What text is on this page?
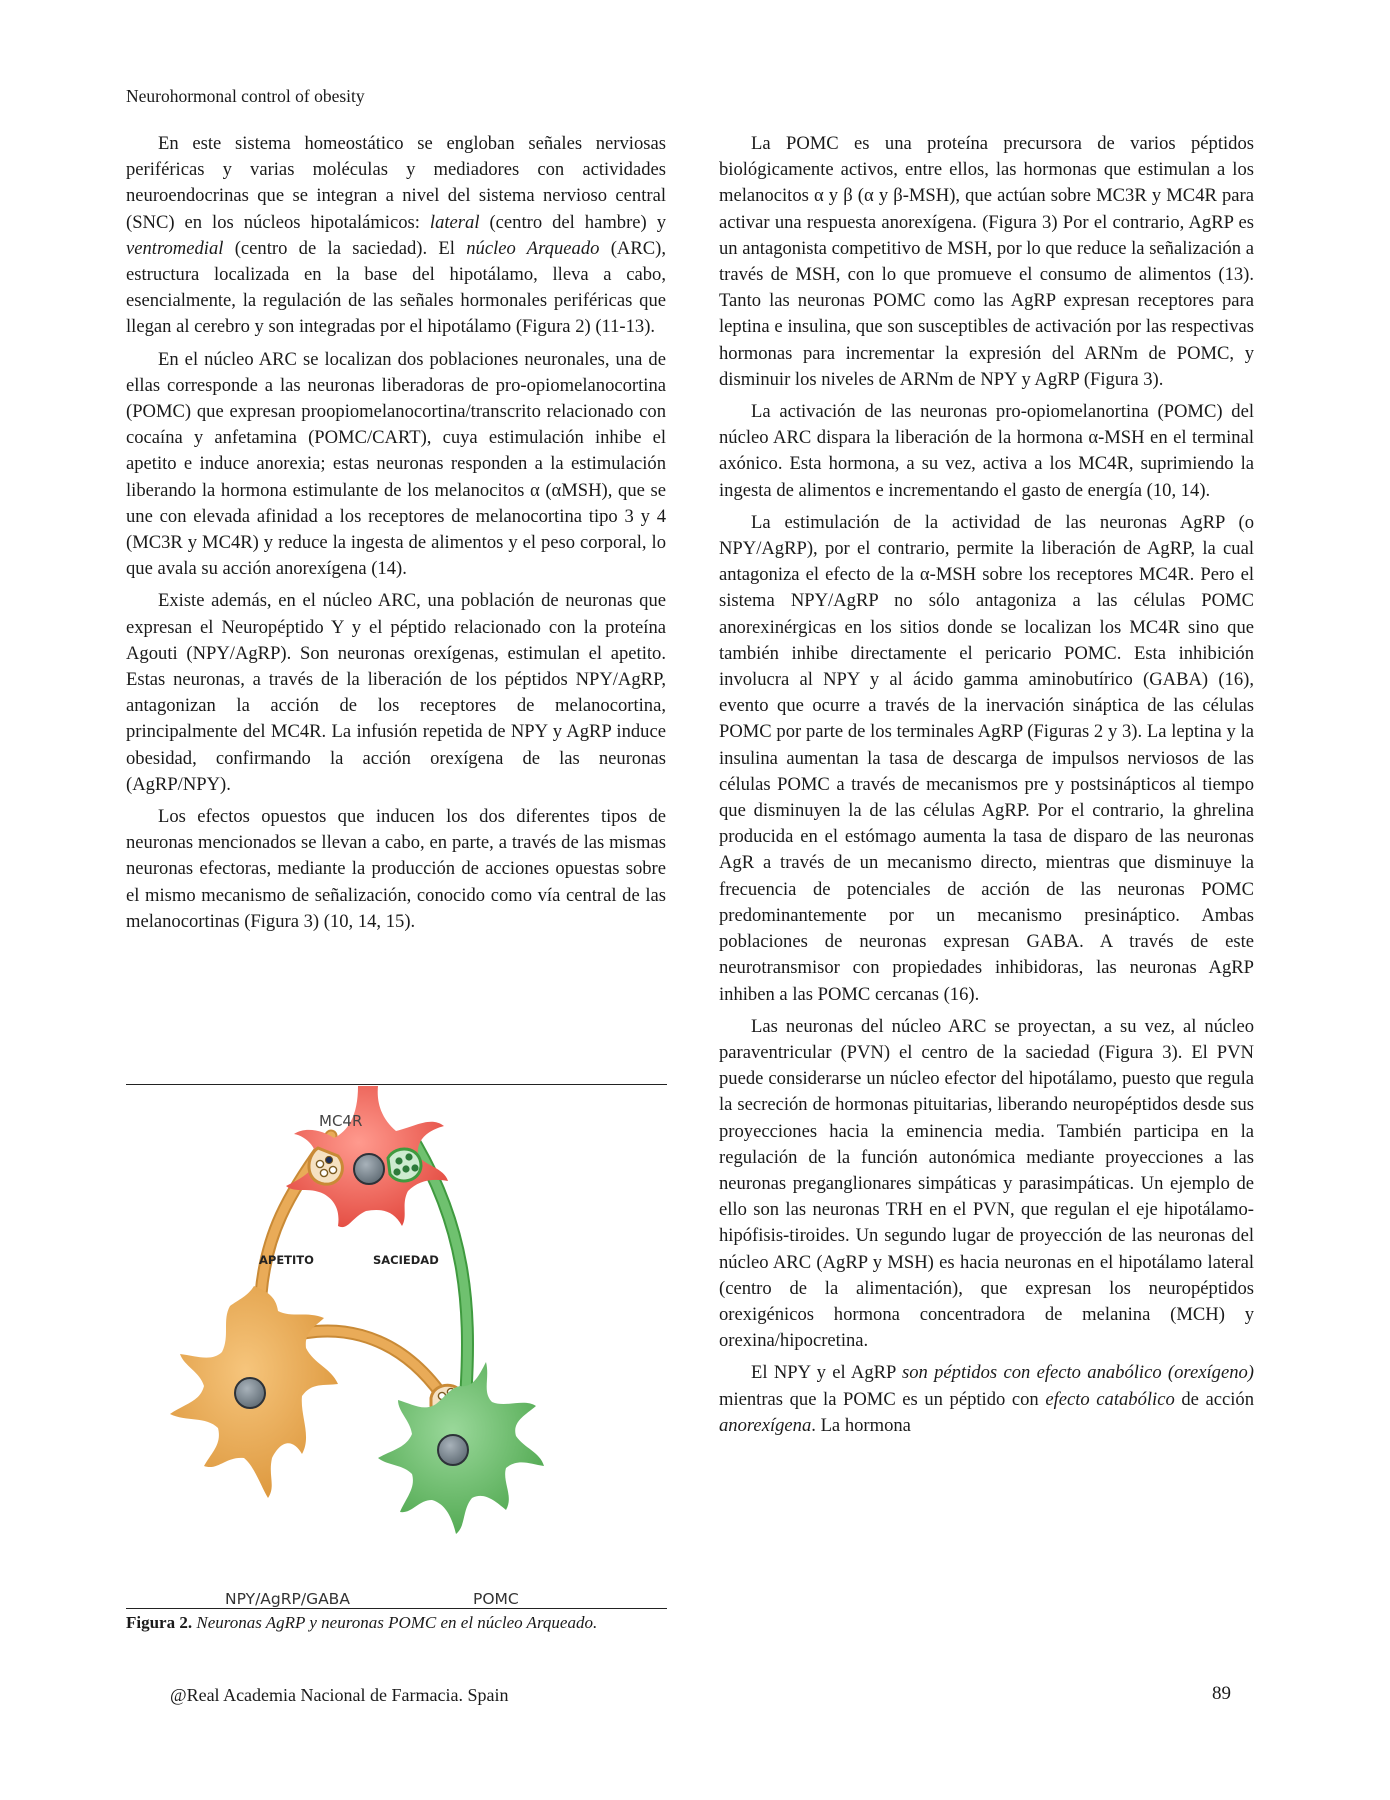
Neurohormonal control of obesity

En este sistema homeostático se engloban señales nerviosas periféricas y varias moléculas y mediadores con actividades neuroendocrinas que se integran a nivel del sistema nervioso central (SNC) en los núcleos hipotalámicos: lateral (centro del hambre) y ventromedial (centro de la saciedad). El núcleo Arqueado (ARC), estructura localizada en la base del hipotálamo, lleva a cabo, esencialmente, la regulación de las señales hormonales periféricas que llegan al cerebro y son integradas por el hipotálamo (Figura 2) (11-13).

En el núcleo ARC se localizan dos poblaciones neuronales, una de ellas corresponde a las neuronas liberadoras de pro-opiomelanocortina (POMC) que expresan proopiomelanocortina/transcrito relacionado con cocaína y anfetamina (POMC/CART), cuya estimulación inhibe el apetito e induce anorexia; estas neuronas responden a la estimulación liberando la hormona estimulante de los melanocitos α (αMSH), que se une con elevada afinidad a los receptores de melanocortina tipo 3 y 4 (MC3R y MC4R) y reduce la ingesta de alimentos y el peso corporal, lo que avala su acción anorexígena (14).

Existe además, en el núcleo ARC, una población de neuronas que expresan el Neuropéptido Y y el péptido relacionado con la proteína Agouti (NPY/AgRP). Son neuronas orexígenas, estimulan el apetito. Estas neuronas, a través de la liberación de los péptidos NPY/AgRP, antagonizan la acción de los receptores de melanocortina, principalmente del MC4R. La infusión repetida de NPY y AgRP induce obesidad, confirmando la acción orexígena de las neuronas (AgRP/NPY).

Los efectos opuestos que inducen los dos diferentes tipos de neuronas mencionados se llevan a cabo, en parte, a través de las mismas neuronas efectoras, mediante la producción de acciones opuestas sobre el mismo mecanismo de señalización, conocido como vía central de las melanocortinas (Figura 3) (10, 14, 15).

MC4R
APETITO	SACIEDAD
NPY/AgRP/GABA	POMC
Figura 2. Neuronas AgRP y neuronas POMC en el núcleo Arqueado.

La POMC es una proteína precursora de varios péptidos biológicamente activos, entre ellos, las hormonas que estimulan a los melanocitos α y β (α y β-MSH), que actúan sobre MC3R y MC4R para activar una respuesta anorexígena. (Figura 3) Por el contrario, AgRP es un antagonista competitivo de MSH, por lo que reduce la señalización a través de MSH, con lo que promueve el consumo de alimentos (13). Tanto las neuronas POMC como las AgRP expresan receptores para leptina e insulina, que son susceptibles de activación por las respectivas hormonas para incrementar la expresión del ARNm de POMC, y disminuir los niveles de ARNm de NPY y AgRP (Figura 3).

La activación de las neuronas pro-opiomelanortina (POMC) del núcleo ARC dispara la liberación de la hormona α-MSH en el terminal axónico. Esta hormona, a su vez, activa a los MC4R, suprimiendo la ingesta de alimentos e incrementando el gasto de energía (10, 14).

La estimulación de la actividad de las neuronas AgRP (o NPY/AgRP), por el contrario, permite la liberación de AgRP, la cual antagoniza el efecto de la α-MSH sobre los receptores MC4R. Pero el sistema NPY/AgRP no sólo antagoniza a las células POMC anorexinérgicas en los sitios donde se localizan los MC4R sino que también inhibe directamente el pericario POMC. Esta inhibición involucra al NPY y al ácido gamma aminobutírico (GABA) (16), evento que ocurre a través de la inervación sináptica de las células POMC por parte de los terminales AgRP (Figuras 2 y 3). La leptina y la insulina aumentan la tasa de descarga de impulsos nerviosos de las células POMC a través de mecanismos pre y postsinápticos al tiempo que disminuyen la de las células AgRP. Por el contrario, la ghrelina producida en el estómago aumenta la tasa de disparo de las neuronas AgR a través de un mecanismo directo, mientras que disminuye la frecuencia de potenciales de acción de las neuronas POMC predominantemente por un mecanismo presináptico. Ambas poblaciones de neuronas expresan GABA. A través de este neurotransmisor con propiedades inhibidoras, las neuronas AgRP inhiben a las POMC cercanas (16).

Las neuronas del núcleo ARC se proyectan, a su vez, al núcleo paraventricular (PVN) el centro de la saciedad (Figura 3). El PVN puede considerarse un núcleo efector del hipotálamo, puesto que regula la secreción de hormonas pituitarias, liberando neuropéptidos desde sus proyecciones hacia la eminencia media. También participa en la regulación de la función autonómica mediante proyecciones a las neuronas preganglionares simpáticas y parasimpáticas. Un ejemplo de ello son las neuronas TRH en el PVN, que regulan el eje hipotálamo-hipófisis-tiroides. Un segundo lugar de proyección de las neuronas del núcleo ARC (AgRP y MSH) es hacia neuronas en el hipotálamo lateral (centro de la alimentación), que expresan los neuropéptidos orexigénicos hormona concentradora de melanina (MCH) y orexina/hipocretina.

El NPY y el AgRP son péptidos con efecto anabólico (orexígeno) mientras que la POMC es un péptido con efecto catabólico de acción anorexígena. La hormona

@Real Academia Nacional de Farmacia. Spain	89
